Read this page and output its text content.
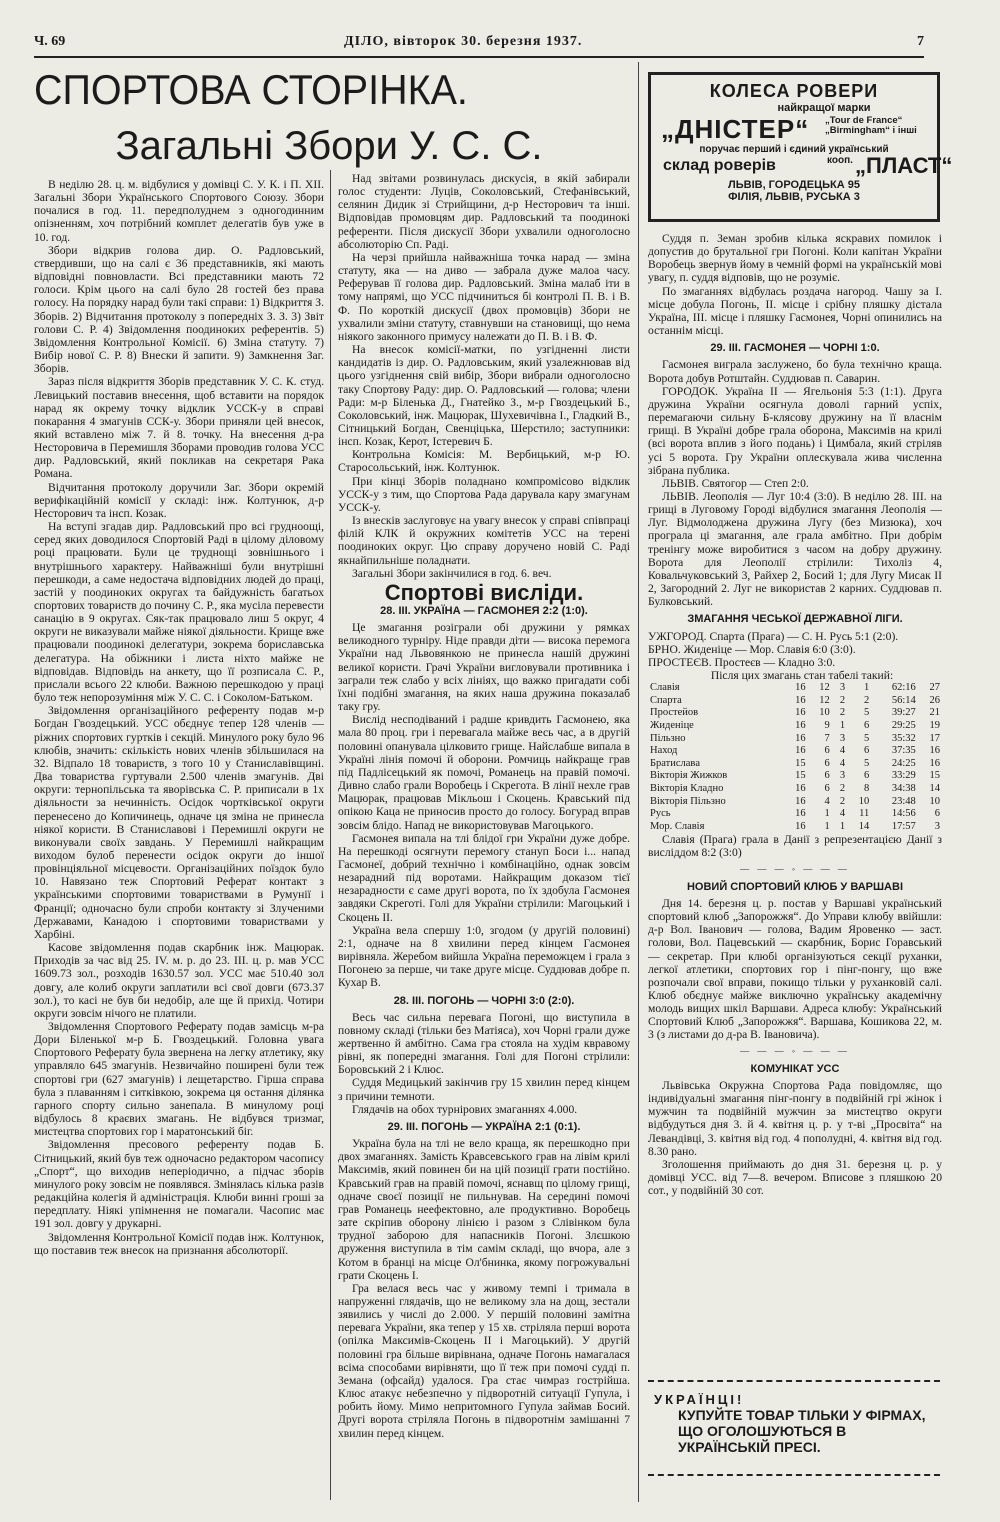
Ч. 69	ДІЛО, вівторок 30. березня 1937.	7
СПОРТОВА СТОРІНКА.
Загальні Збори У. С. С.

В неділю 28. ц. м. відбулися у домівці С. У. К. і П. XII. Загальні Збори Українського Спортового Союзу. Збори почалися в год. 11. передполуднем з одногодинним опізненням, хоч потрібний комплет делегатів був уже в 10. год.

Збори відкрив голова дир. О. Радловський, ствердивши, що на салі є 36 представників, які мають відповідні повновласти. Всі представники мають 72 голоси. Крім цього на салі було 28 гостей без права голосу. На порядку нарад були такі справи: 1) Відкриття З. Зборів. 2) Відчитання протоколу з попередніх З. З. 3) Звіт голови С. Р. 4) Звідомлення поодиноких референтів. 5) Звідомлення Контрольної Комісії. 6) Зміна статуту. 7) Вибір нової С. Р. 8) Внески й запити. 9) Замкнення Заг. Зборів.

Зараз після відкриття Зборів представник У. С. К. студ. Левицький поставив внесення, щоб вставити на порядок нарад як окрему точку відклик УССК-у в справі покарання 4 змагунів ССК-у. Збори приняли цей внесок, який вставлено між 7. й 8. точку. На внесення д-ра Несторовича в Перемишля Зборами проводив голова УСС дир. Радловський, який покликав на секретаря Рака Романа.

Відчитання протоколу доручили Заг. Збори окремій верифікаційній комісії у складі: інж. Колтунюк, д-р Несторович та інсп. Козак.

На вступі згадав дир. Радловський про всі грудноощі, серед яких доводилося Спортовій Раді в цілому діловому році працювати. Були це труднощі зовнішнього і внутрішнього характеру. Найважніші були внутрішні перешкоди, а саме недостача відповідних людей до праці, застій у поодиноких округах та байдужність багатьох спортових товариств до почину С. Р., яка мусіла перевести санацію в 9 округах. Сяк-так працювало лиш 5 округ, 4 округи не виказували майже ніякої діяльности. Крище вже працювали поодинокі делегатури, зокрема бориславська делегатура. На обіжники і листа ніхто майже не відповідав. Відповідь на анкету, що її розписала С. Р., прислали всього 22 клюби. Важною перешкодою у праці було теж непорозуміння між У. С. С. і Соколом-Батьком.

Звідомлення організаційного референту подав м-р Богдан Гвоздецький. УСС обєднує тепер 128 членів — ріжних спортових гуртків і секцій. Минулого року було 96 клюбів, значить: скількість нових членів збільшилася на 32. Відпало 18 товариств, з того 10 у Станиславівщині. Два товариства гуртували 2.500 членів змагунів. Дві округи: тернопільська та яворівська С. Р. приписали в 1х діяльности за нечинність. Осідок чортківської округи перенесено до Копичинець, одначе ця зміна не принесла ніякої користи. В Станиславові і Перемишлі округи не виконували своїх завдань. У Перемишлі найкращим виходом булоб перенести осідок округи до іншої провінціяльної місцевости. Організаційних поїздок було 10. Навязано теж Спортовий Реферат контакт з українськими спортовими товариствами в Румунії і Франції; одночасно були спроби контакту зі Злученими Державами, Канадою і спортовими товариствами у Харбіні.

Касове звідомлення подав скарбник інж. Мацюрак. Приходів за час від 25. IV. м. р. до 23. III. ц. р. мав УСС 1609.73 зол., розходів 1630.57 зол. УСС має 510.40 зол довгу, але колиб округи заплатили всі свої довги (673.37 зол.), то касі не був би недобір, але ще й прихід. Чотири округи зовсім нічого не платили.

Звідомлення Спортового Реферату подав замісць м-ра Дори Біленької м-р Б. Гвоздецький. Головна увага Спортового Реферату була звернена на легку атлетику, яку управляло 645 змагунів. Незвичайно поширені були теж спортові гри (627 змагунів) і лещетарство. Гірша справа була з плаванням і ситківкою, зокрема ця остання ділянка гарного спорту сильно занепала. В минулому році відбулось 8 краєвих змагань. Не відбувся тризмаг, мистецтва спортових гор і маратонський біг.

Звідомлення пресового референту подав Б. Сітницький, який був теж одночасно редактором часопису „Спорт“, що виходив неперіодично, а підчас зборів минулого року зовсім не появлявся. Змінялась кілька разів редакційна колегія й адміністрація. Клюби винні гроші за передплату. Ніякі упімнення не помагали. Часопис має 191 зол. довгу у друкарні.

Звідомлення Контрольної Комісії подав інж. Колтунюк, що поставив теж внесок на признання абсолюторії.

Над звітами розвинулась дискусія, в якій забирали голос студенти: Луців, Соколовський, Стефанівський, селянин Дидик зі Стрийщини, д-р Несторович та інші. Відповідав промовцям дир. Радловський та поодинокі референти. Після дискусії Збори ухвалили одноголосно абсолюторію Сп. Раді.

На черзі прийшла найважніша точка нарад — зміна статуту, яка — на диво — забрала дуже малоа часу. Реферував її голова дир. Радловський. Зміна малаб іти в тому напрямі, що УСС підчиниться бі контролі П. В. і В. Ф. По короткій дискусії (двох промовців) Збори не ухвалили зміни статуту, ставнувши на становищі, що нема ніякого законного примусу належати до П. В. і В. Ф.

На внесок комісії-матки, по узгідненні листи кандидатів із дир. О. Радловським, який узалежнював від цього узгіднення свій вибір, Збори вибрали одноголосно таку Спортову Раду: дир. О. Радловський — голова; члени Ради: м-р Біленька Д., Гнатейко З., м-р Гвоздецький Б., Соколовський, інж. Мацюрак, Шухевичівна І., Гладкий В., Сітницький Богдан, Свенціцька, Шерстило; заступники: інсп. Козак, Керот, Істеревич Б.

Контрольна Комісія: М. Вербицький, м-р Ю. Старосольський, інж. Колтунюк.

При кінці Зборів поладнано компромісово відклик УССК-у з тим, що Спортова Рада дарувала кару змагунам УССК-у.

Із внесків заслуговує на увагу внесок у справі співпраці філій КЛК й окружних комітетів УСС на терені поодиноких округ. Цю справу доручено новій С. Раді якнайпильніше поладнати.

Загальні Збори закінчилися в год. 6. веч.

Спортові висліди.
28. III. УКРАЇНА — ГАСМОНЕЯ 2:2 (1:0).

Це змагання розіграли обі дружини у рямках великодного турніру. Ніде правди діти — висока перемога України над Львовянкою не принесла нашій дружині великої користи. Грачі України вигловували противника і заграли теж слабо у всіх лініях, що важко пригадати собі їхні подібні змагання, на яких наша дружина показалаб таку гру.

Вислід несподіваний і радше кривдить Гасмонею, яка мала 80 проц. гри і перевагала майже весь час, а в другій половині опанувала цілковито грище. Найслабше випала в Україні лінія помочі й оборони. Ромчиць найкраще грав під Падлісецький як помочі, Романець на правій помочі. Дивно слабо грали Воробець і Скрегота. В лінії нехле грав Мацюрак, працював Мікльош і Скоцень. Кравський під опікою Каца не приносив просто до голосу. Богурад вправ зовсім блідо. Напад не використовував Магоцького.

Гасмонея випала на тлі блідої гри України дуже добре. На перешкоді осягнути перемогу стануп Боси і... напад Гасмонеї, добрий технічно і комбінаційно, однак зовсім незарадний під воротами. Найкращим доказом тієї незарадности є саме другі ворота, по їх здобула Гасмонея завдяки Скреготі. Голі для України стрілили: Магоцький і Скоцень II.

Україна вела спершу 1:0, згодом (у другій половині) 2:1, одначе на 8 хвилини перед кінцем Гасмонея вирівняла. Жеребом вийшла Україна переможцем і грала з Погонею за перше, чи таке друге місце. Суддював добре п. Кухар В.

28. III. ПОГОНЬ — ЧОРНІ 3:0 (2:0).

Весь час сильна перевага Погоні, що виступила в повному складі (тільки без Матіяса), хоч Чорні грали дуже жертвенно й амбітно. Сама гра стояла на худім квравому рівні, як попередні змагання. Голі для Погоні стрілили: Боровський 2 і Клюс.

Суддя Медицький закінчив гру 15 хвилин перед кінцем з причини темноти.

Глядачів на обох турнірових змаганнях 4.000.

29. III. ПОГОНЬ — УКРАЇНА 2:1 (0:1).

Україна була на тлі не вело краща, як перешкодно при двох змаганнях. Замість Кравсевського грав на лівім крилі Максимів, який повинен би на цій позиції грати постійно. Кравський грав на правій помочі, яснавщ по цілому грищі, одначе своєї позиції не пильнував. На середині помочі грав Романець неефектовно, але продуктивно. Воробець зате скріпив оборону лінією і разом з Слівінком була трудної заборою для напасників Погоні. Злєшкою друження виступила в тім самім складі, що вчора, але з Котом в бранці на місце Ол'бнинка, якому погрожувальні грати Скоцень I.

Гра велася весь час у живому темпі і тримала в напруженні глядачів, що не великому зла на дощ, зестали зявились у числі до 2.000. У першій половині замітна перевага України, яка тепер у 15 хв. стріляла перші ворота (опілка Максимів-Скоцень II і Магоцький). У другій половині гра більше вирівнана, одначе Погонь намагалася всіма способами вирівняти, що її теж при помочі судді п. Земана (офсайд) удалося. Гра стає чимраз гострійша. Клюс атакує небезпечно у підворотній ситуації Гупула, і робить йому. Мимо непритомного Гупула займав Босий. Другі ворота стріляла Погонь в підворотнім замішанні 7 хвилин перед кінцем.

КОЛЕСА РОВЕРИ
найкращої марки
„ДНІСТЕР“ „Tour de France“
„Birmingham“ і інші
поручає перший і єдиний український
склад роверів	коoп. „ПЛАСТ“
ЛЬВІВ, ГОРОДЕЦЬКА 95
ФІЛІЯ, ЛЬВІВ, РУСЬКА 3

Суддя п. Земан зробив кілька яскравих помилок і допустив до брутальної гри Погоні. Коли капітан України Воробець звернув йому в чемній формі на українській мові увагу, п. суддя відповів, що не розуміє.

По змаганнях відбулась роздача нагород. Чашу за I. місце добула Погонь, II. місце і срібну пляшку дістала Україна, III. місце і пляшку Гасмонея, Чорні опинились на останнім місці.

29. III. ГАСМОНЕЯ — ЧОРНІ 1:0.

Гасмонея виграла заслужено, бо була технічно краща. Ворота добув Ротштайн. Суддював п. Саварин.

ГОРОДОК. Україна II — Ягельонія 5:3 (1:1). Друга дружина України осягнула доволі гарний успіх, перемагаючи сильну Б-клясову дружину на її власнім грищі. В Україні добре грала оборона, Максимів на крилі (всі ворота вплив з його подань) і Цимбала, який стріляв усі 5 ворота. Гру України оплескувала жива численна зібрана публика.

ЛЬВІВ. Святогор — Степ 2:0.

ЛЬВІВ. Леополія — Луг 10:4 (3:0). В неділю 28. III. на грищі в Луговому Городі відбулися змагання Леополія — Луг. Відмолоджена дружина Лугу (без Мизюка), хоч програла ці змагання, але грала амбітно. При добрім тренінгу може виробитися з часом на добру дружину. Ворота для Леополії стрілили: Тихоліз 4, Ковальчуковський 3, Райхер 2, Босий 1; для Лугу Мисак II 2, Загородний 2. Луг не використав 2 карних. Суддював п. Булковський.

ЗМАГАННЯ ЧЕСЬКОЇ ДЕРЖАВНОЇ ЛІГИ.

УЖГОРОД. Спарта (Прага) — С. Н. Русь 5:1 (2:0).

БРНО. Жиденіце — Мор. Славія 6:0 (3:0).

ПРОСТЕЄВ. Простеєв — Кладно 3:0.

Після цих змагань стан табелі такий:

Славія	16	12	3	1	62:16	27
Спарта	16	12	2	2	56:14	26
Простейов	16	10	2	5	39:27	21
Жиденіце	16	9	1	6	29:25	19
Пільзно	16	7	3	5	35:32	17
Наход	16	6	4	6	37:35	16
Братиславa	15	6	4	5	24:25	16
Вікторія Жижков	15	6	3	6	33:29	15
Вікторія Кладно	16	6	2	8	34:38	14
Вікторія Пільзно	16	4	2	10	23:48	10
Русь	16	1	4	11	14:56	6
Мор. Славія	16	1	1	14	17:57	3

Славія (Прага) грала в Данії з репрезентацією Данії з висліддом 8:2 (3:0)

— — — ◦ — — —
НОВИЙ СПОРТОВИЙ КЛЮБ У ВАРШАВІ

Дня 14. березня ц. р. постав у Варшаві український спортовий клюб „Запорожжя“. До Управи клюбу ввійшли: д-р Вол. Іванович — голова, Вадим Яровенко — заст. голови, Вол. Пацевський — скарбник, Борис Горавський — секретар. При клюбі організуються секції руханки, легкої атлетики, спортових гор і пінг-понгу, що вже розпочали свої вправи, покищо тільки у руханковій салі. Клюб обєднує майже виключно українську академічну молодь вищих шкіл Варшави. Адреса клюбу: Український Спортовий Клюб „Запорожжя“. Варшава, Кошикова 22, м. 3 (з листами до д-ра В. Івановича).

— — — ◦ — — —
КОМУНІКАТ УСС

Львівська Окружна Спортова Рада повідомляє, що індивідуальні змагання пінг-понгу в подвійній грі жінок і мужчин та подвійній мужчин за мистецтво округи відбудуться дня 3. й 4. квітня ц. р. у т-ві „Просвіта“ на Левандівці, 3. квітня від год. 4 пополудні, 4. квітня від год. 8.30 рано.

Зголошення приймають до дня 31. березня ц. р. у домівці УСС. від 7—8. вечером. Вписове з пляшкою 20 сот., у подвійній 30 сот.

УКРАЇНЦІ!
КУПУЙТЕ ТОВАР ТІЛЬКИ У ФІРМАХ, ЩО ОГОЛОШУЮТЬСЯ В УКРАЇНСЬКІЙ ПРЕСІ.
